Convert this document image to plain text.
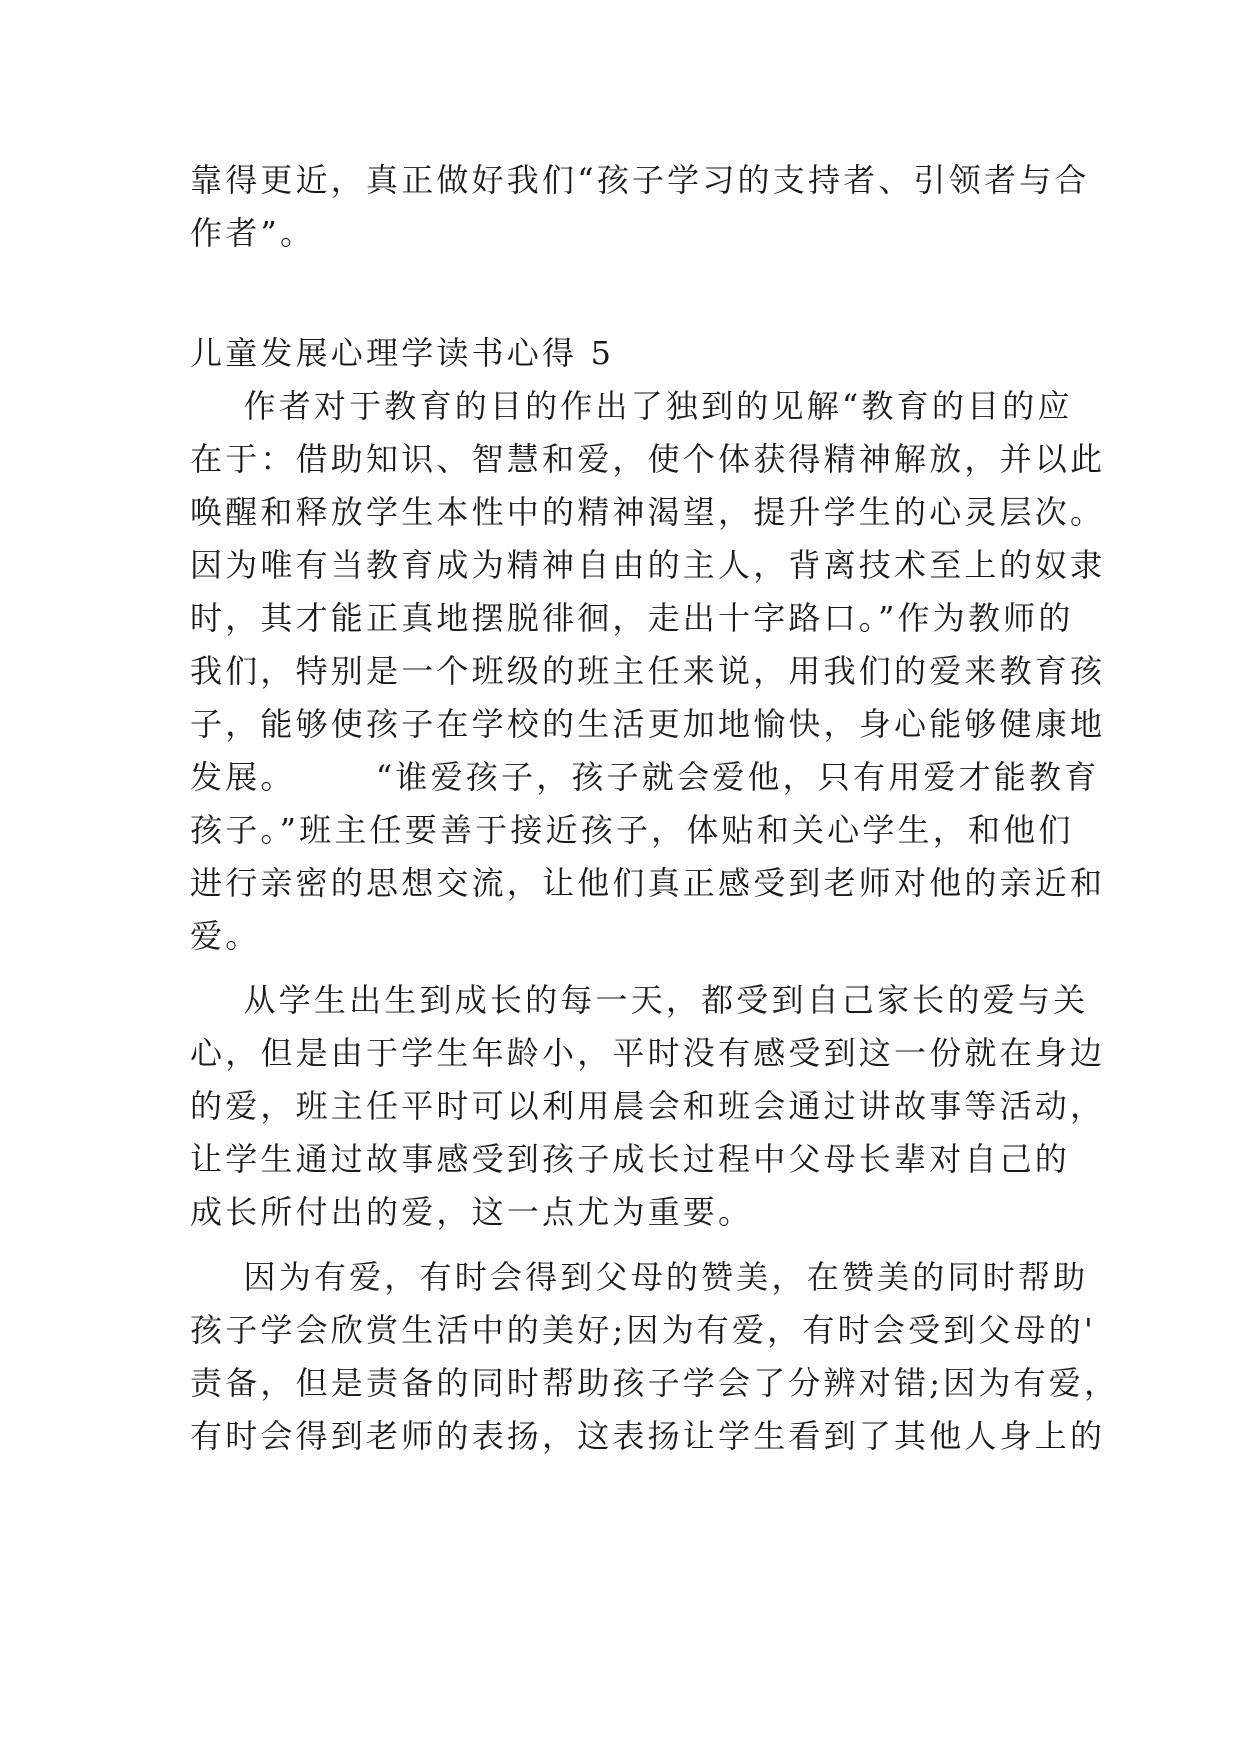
靠得更近，真正做好我们“孩子学习的支持者、引领者与合
作者”。
儿童发展心理学读书心得 5
作者对于教育的目的作出了独到的见解“教育的目的应
在于：借助知识、智慧和爱，使个体获得精神解放，并以此
唤醒和释放学生本性中的精神渴望，提升学生的心灵层次。
因为唯有当教育成为精神自由的主人，背离技术至上的奴隶
时，其才能正真地摆脱徘徊，走出十字路口。”作为教师的
我们，特别是一个班级的班主任来说，用我们的爱来教育孩
子，能够使孩子在学校的生活更加地愉快，身心能够健康地
发展。      “谁爱孩子，孩子就会爱他，只有用爱才能教育
孩子。”班主任要善于接近孩子，体贴和关心学生，和他们
进行亲密的思想交流，让他们真正感受到老师对他的亲近和
爱。
从学生出生到成长的每一天，都受到自己家长的爱与关
心，但是由于学生年龄小，平时没有感受到这一份就在身边
的爱，班主任平时可以利用晨会和班会通过讲故事等活动，
让学生通过故事感受到孩子成长过程中父母长辈对自己的
成长所付出的爱，这一点尤为重要。
因为有爱，有时会得到父母的赞美，在赞美的同时帮助
孩子学会欣赏生活中的美好;因为有爱，有时会受到父母的'
责备，但是责备的同时帮助孩子学会了分辨对错;因为有爱，
有时会得到老师的表扬，这表扬让学生看到了其他人身上的
